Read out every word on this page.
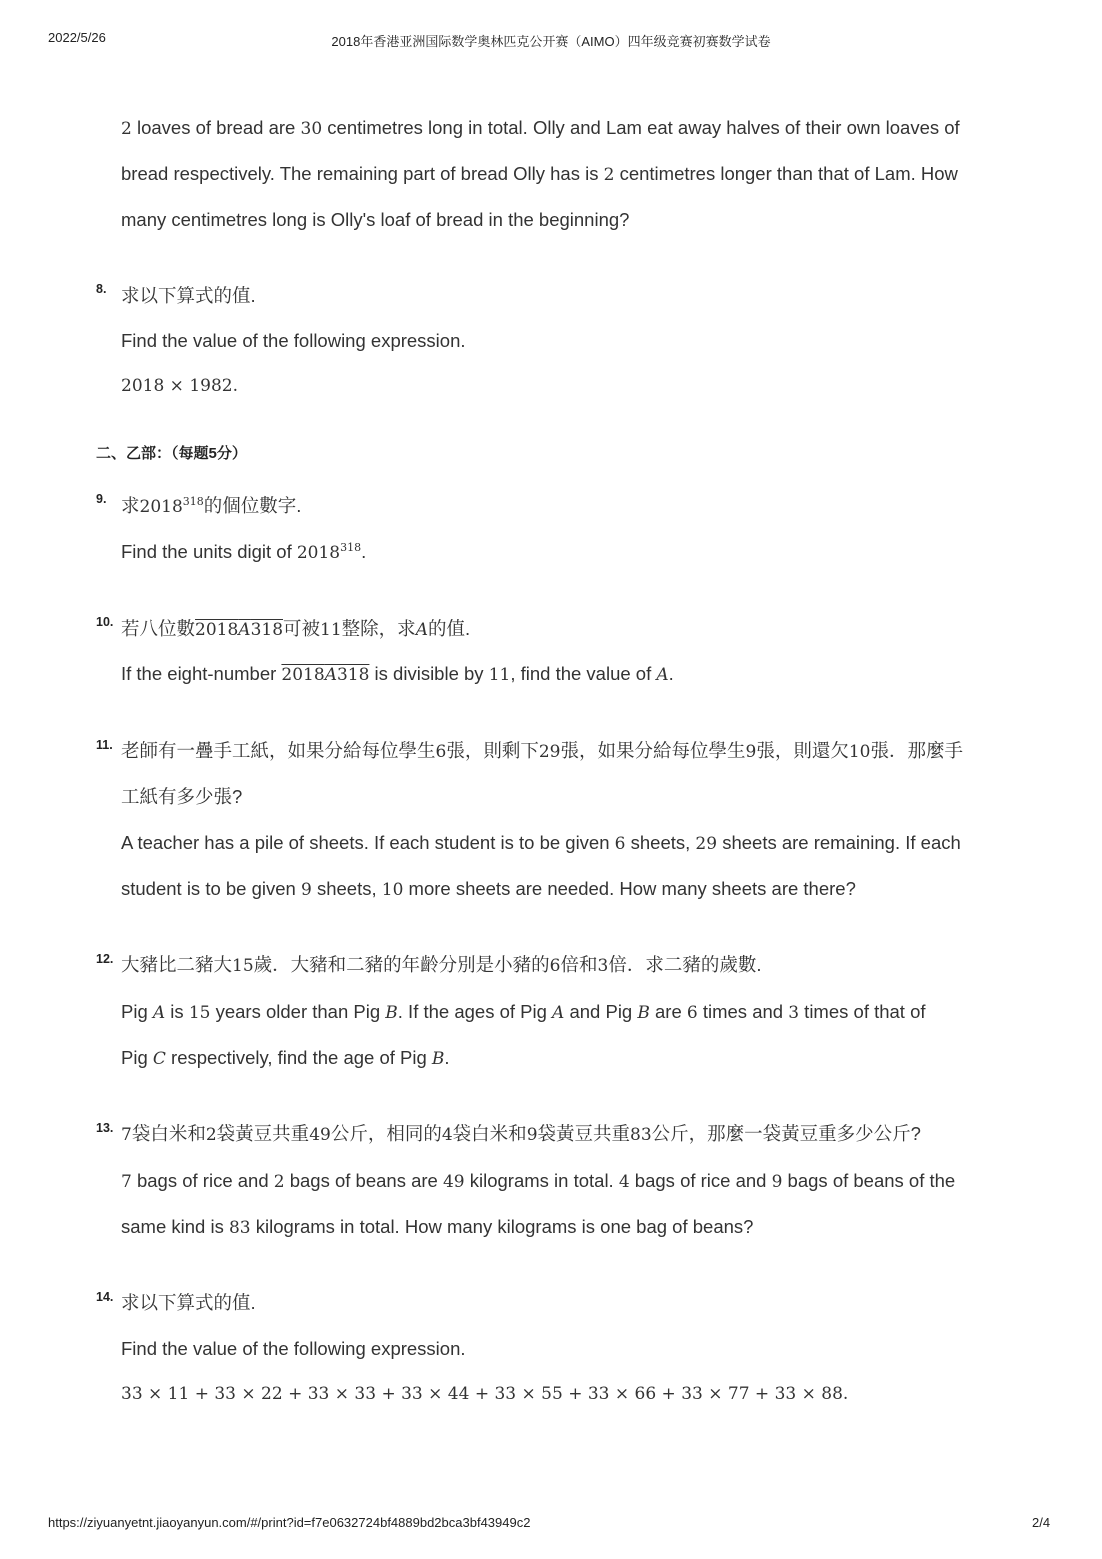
2022/5/26	2018年香港亚洲国际数学奥林匹克公开赛（AIMO）四年级竞赛初赛数学试卷
https://ziyuanyetnt.jiaoyanyun.com/#/print?id=f7e0632724bf4889bd2bca3bf43949c2	2/4
2 loaves of bread are 30 centimetres long in total. Olly and Lam eat away halves of their own loaves of
bread respectively. The remaining part of bread Olly has is 2 centimetres longer than that of Lam. How
many centimetres long is Olly's loaf of bread in the beginning?
8. 求以下算式的值.
Find the value of the following expression.
2018 × 1982.
二、乙部：（每题5分）
9. 求2018$^{318}$的個位數字.
Find the units digit of 2018$^{318}$.
10. 若八位數2018A318可被11整除，求A的值.
If the eight-number 2018A318 is divisible by 11, find the value of A.
11. 老師有一疊手工紙，如果分給每位學生6張，則剩下29張，如果分給每位學生9張，則還欠10張．那麼手
工紙有多少張?
A teacher has a pile of sheets. If each student is to be given 6 sheets, 29 sheets are remaining. If each
student is to be given 9 sheets, 10 more sheets are needed. How many sheets are there?
12. 大豬比二豬大15歲．大豬和二豬的年齡分別是小豬的6倍和3倍．求二豬的歲數.
Pig A is 15 years older than Pig B. If the ages of Pig A and Pig B are 6 times and 3 times of that of
Pig C respectively, find the age of Pig B.
13. 7袋白米和2袋黃豆共重49公斤，相同的4袋白米和9袋黃豆共重83公斤，那麼一袋黃豆重多少公斤?
7 bags of rice and 2 bags of beans are 49 kilograms in total. 4 bags of rice and 9 bags of beans of the
same kind is 83 kilograms in total. How many kilograms is one bag of beans?
14. 求以下算式的值.
Find the value of the following expression.
33 × 11 + 33 × 22 + 33 × 33 + 33 × 44 + 33 × 55 + 33 × 66 + 33 × 77 + 33 × 88.
